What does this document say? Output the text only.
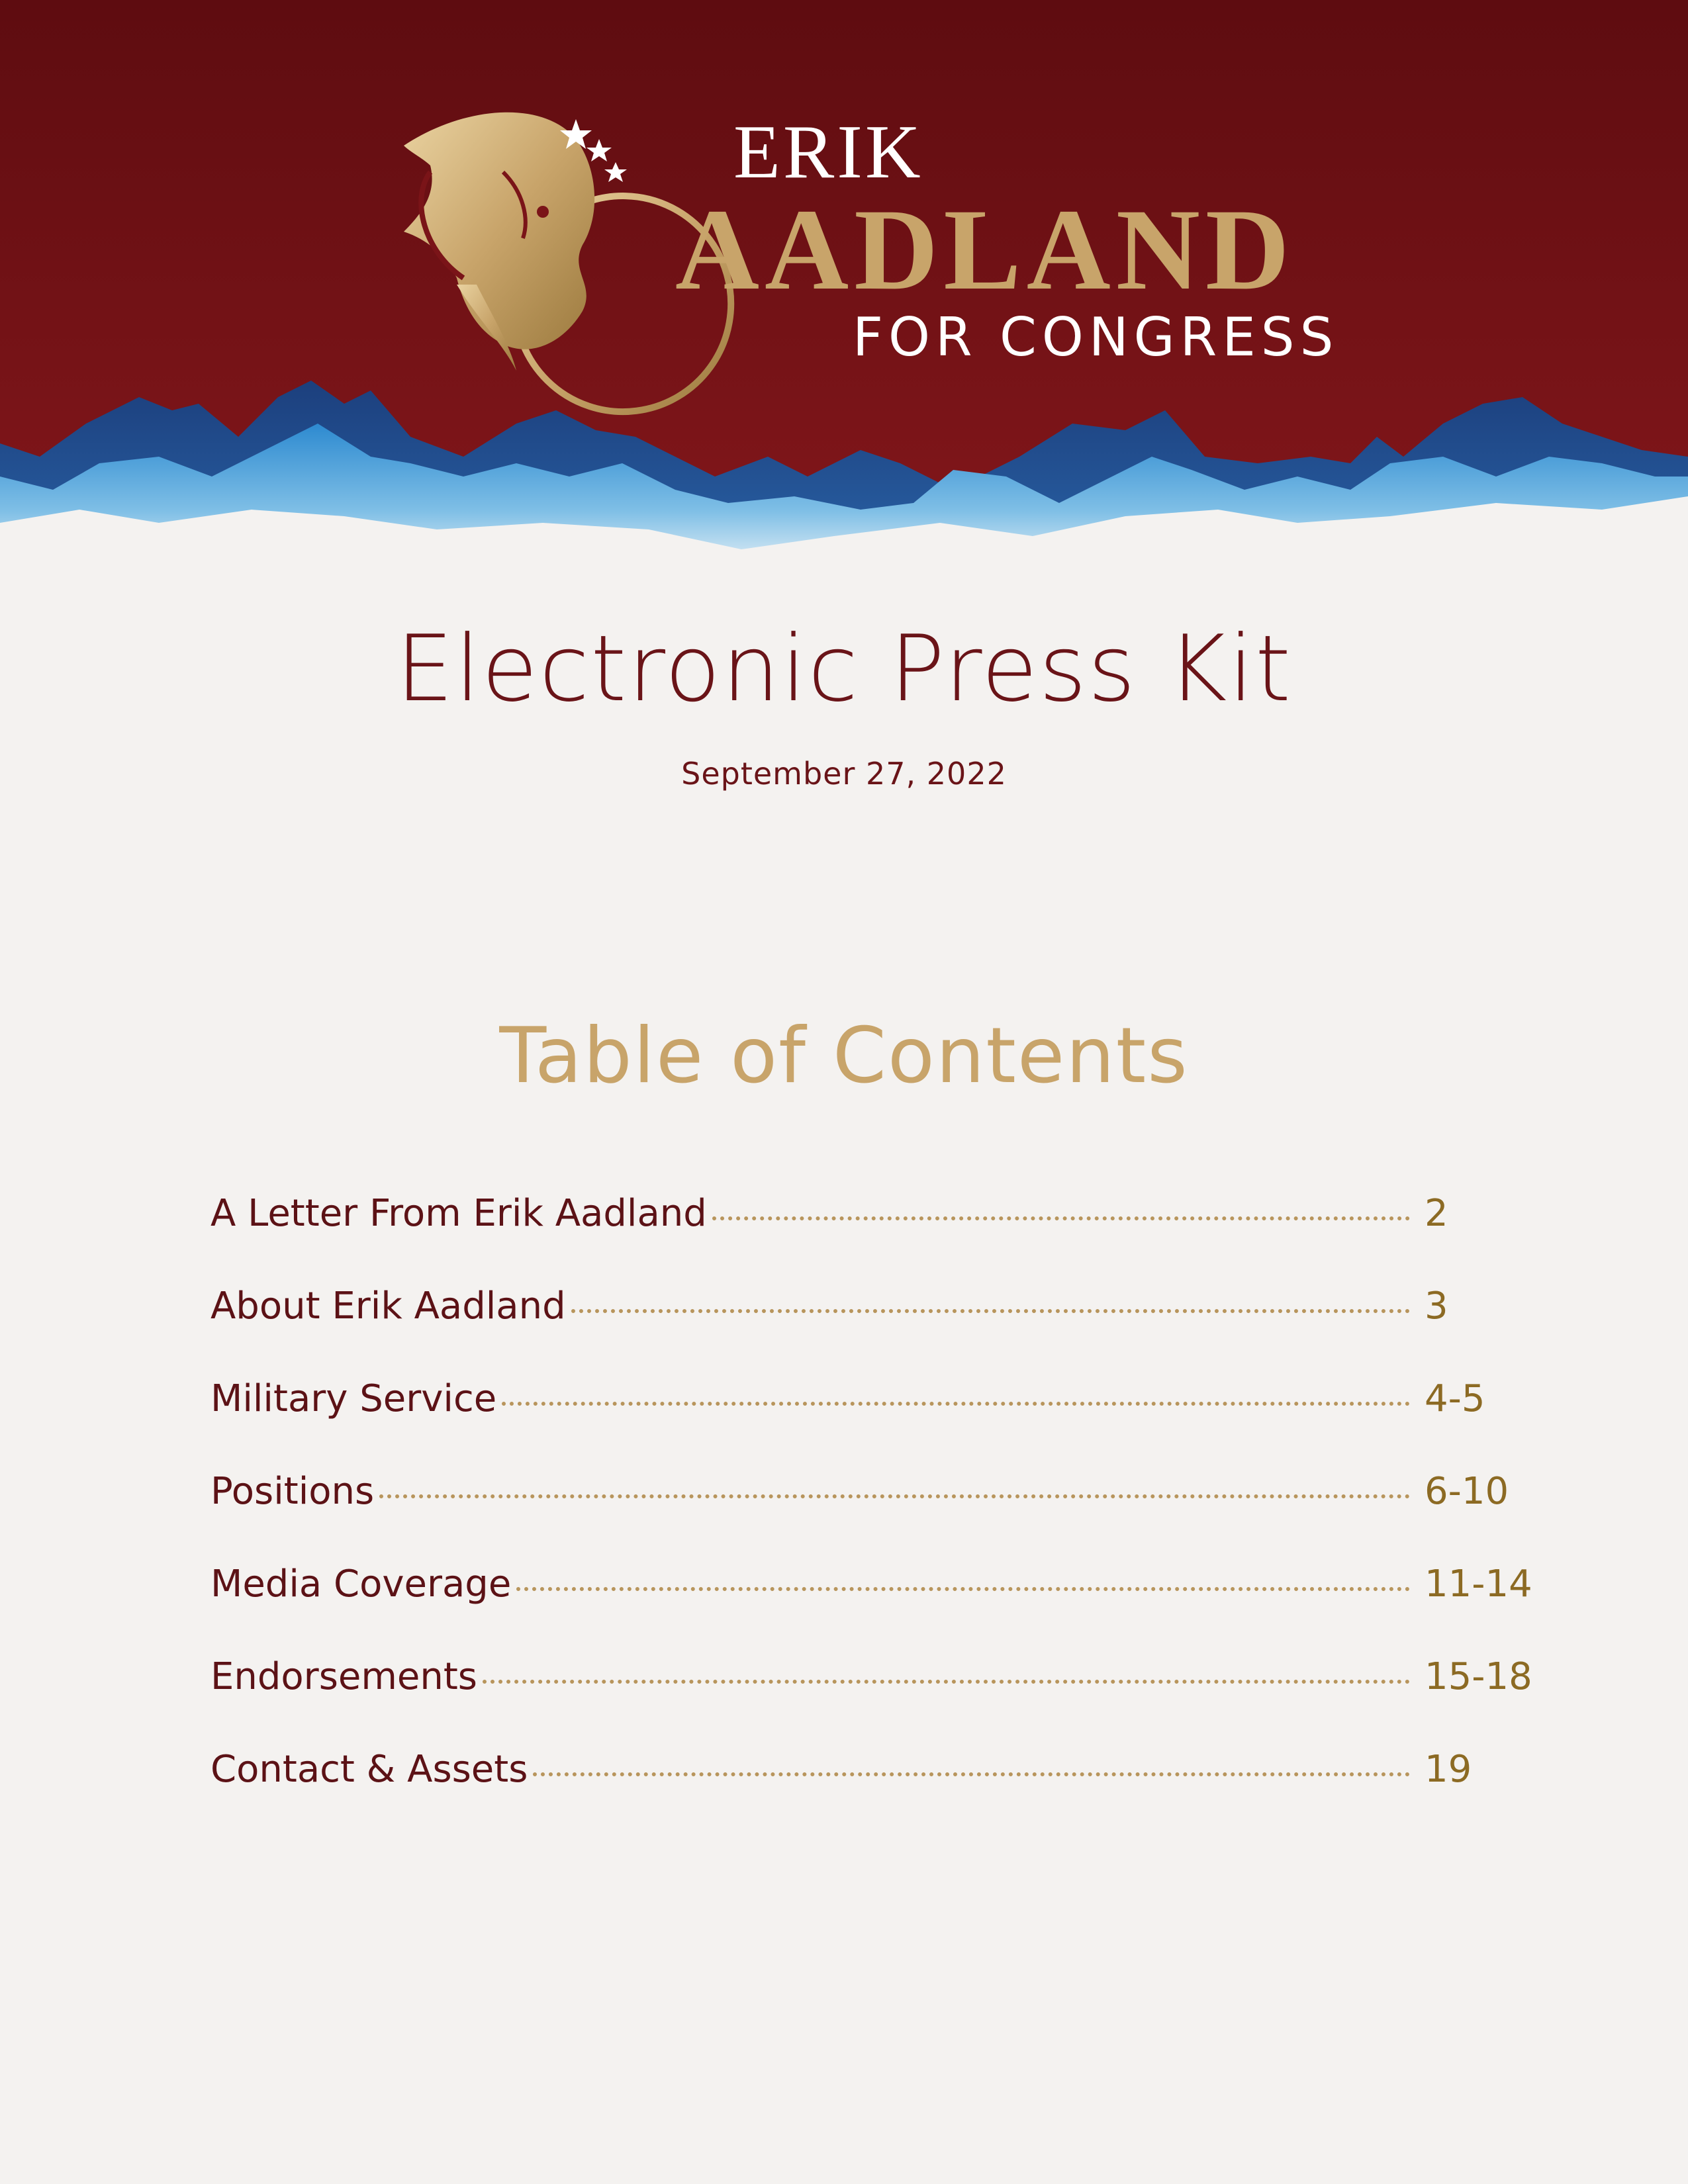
ERIK
AADLAND
FOR CONGRESS
Electronic Press Kit
September 27, 2022
Table of Contents
A Letter From Erik Aadland	2
About Erik Aadland	3
Military Service	4-5
Positions	6-10
Media Coverage	11-14
Endorsements	15-18
Contact & Assets	19
